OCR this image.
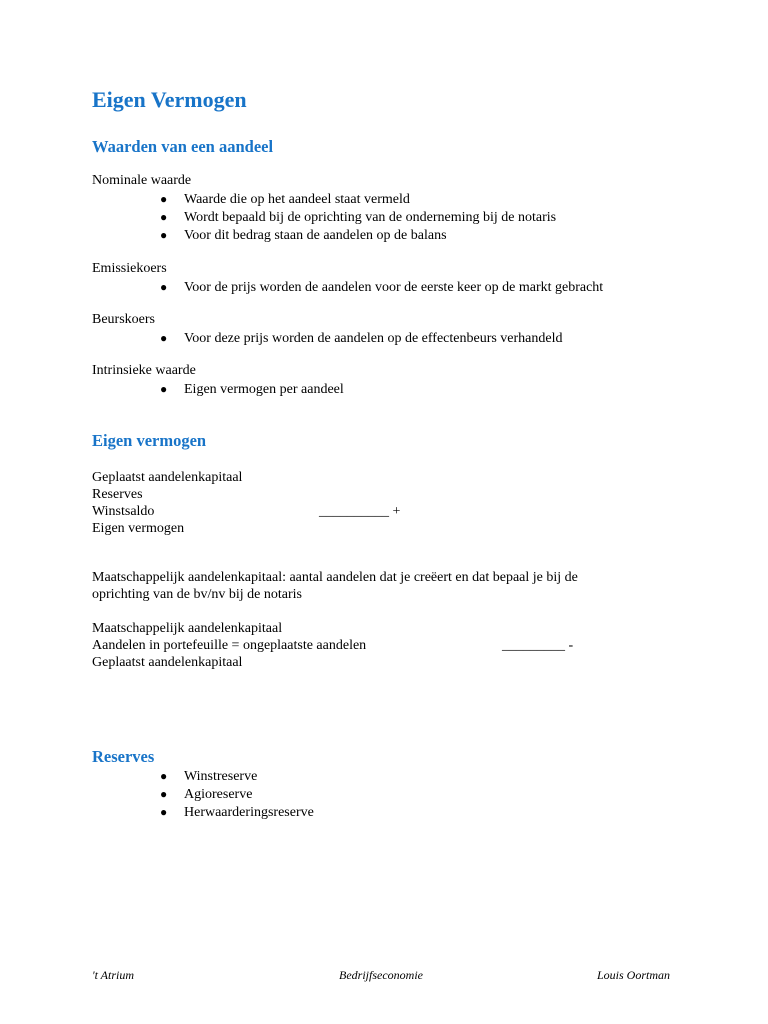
Eigen Vermogen
Waarden van een aandeel
Nominale waarde
● Waarde die op het aandeel staat vermeld
● Wordt bepaald bij de oprichting van de onderneming bij de notaris
● Voor dit bedrag staan de aandelen op de balans
Emissiekoers
● Voor de prijs worden de aandelen voor de eerste keer op de markt gebracht
Beurskoers
● Voor deze prijs worden de aandelen op de effectenbeurs verhandeld
Intrinsieke waarde
● Eigen vermogen per aandeel
Eigen vermogen
Geplaatst aandelenkapitaal
Reserves
Winstsaldo	__________ +
Eigen vermogen
Maatschappelijk aandelenkapitaal: aantal aandelen dat je creëert en dat bepaal je bij de
oprichting van de bv/nv bij de notaris
Maatschappelijk aandelenkapitaal
Aandelen in portefeuille = ongeplaatste aandelen	_________ -
Geplaatst aandelenkapitaal
Reserves
● Winstreserve
● Agioreserve
● Herwaarderingsreserve
't Atrium	Bedrijfseconomie	Louis Oortman
